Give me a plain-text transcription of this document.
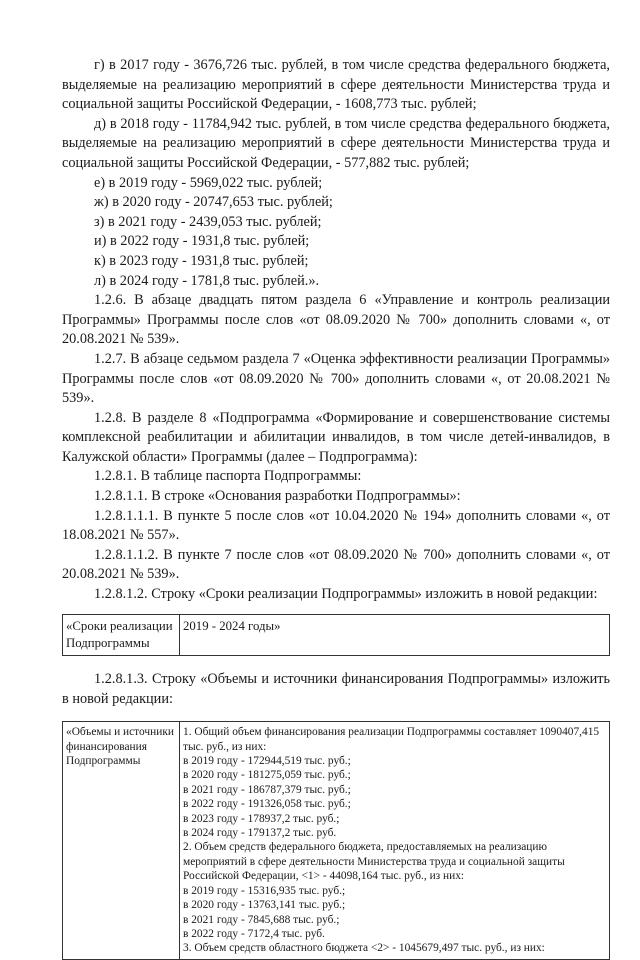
г) в 2017 году - 3676,726 тыс. рублей, в том числе средства федерального бюджета, выделяемые на реализацию мероприятий в сфере деятельности Министерства труда и социальной защиты Российской Федерации, - 1608,773 тыс. рублей;

д) в 2018 году - 11784,942 тыс. рублей, в том числе средства федерального бюджета, выделяемые на реализацию мероприятий в сфере деятельности Министерства труда и социальной защиты Российской Федерации, - 577,882 тыс. рублей;

е) в 2019 году - 5969,022 тыс. рублей;

ж) в 2020 году - 20747,653 тыс. рублей;

з) в 2021 году - 2439,053 тыс. рублей;

и) в 2022 году - 1931,8 тыс. рублей;

к) в 2023 году - 1931,8 тыс. рублей;

л) в 2024 году - 1781,8 тыс. рублей.».

1.2.6. В абзаце двадцать пятом раздела 6 «Управление и контроль реализации Программы» Программы после слов «от 08.09.2020 № 700» дополнить словами «, от 20.08.2021 № 539».

1.2.7. В абзаце седьмом раздела 7 «Оценка эффективности реализации Программы» Программы после слов «от 08.09.2020 № 700» дополнить словами «, от 20.08.2021 № 539».

1.2.8. В разделе 8 «Подпрограмма «Формирование и совершенствование системы комплексной реабилитации и абилитации инвалидов, в том числе детей-инвалидов, в Калужской области» Программы (далее – Подпрограмма):

1.2.8.1. В таблице паспорта Подпрограммы:

1.2.8.1.1. В строке «Основания разработки Подпрограммы»:

1.2.8.1.1.1. В пункте 5 после слов «от 10.04.2020 № 194» дополнить словами «, от 18.08.2021 № 557».

1.2.8.1.1.2. В пункте 7 после слов «от 08.09.2020 № 700» дополнить словами «, от 20.08.2021 № 539».

1.2.8.1.2. Строку «Сроки реализации Подпрограммы» изложить в новой редакции:

«Сроки реализации Подпрограммы	2019 - 2024 годы»

1.2.8.1.3. Строку «Объемы и источники финансирования Подпрограммы» изложить в новой редакции:

«Объемы и источники финансирования Подпрограммы	
1. Общий объем финансирования реализации Подпрограммы составляет 1090407,415 тыс. руб., из них:
в 2019 году - 172944,519 тыс. руб.;
в 2020 году - 181275,059 тыс. руб.;
в 2021 году - 186787,379 тыс. руб.;
в 2022 году - 191326,058 тыс. руб.;
в 2023 году - 178937,2 тыс. руб.;
в 2024 году - 179137,2 тыс. руб.
2. Объем средств федерального бюджета, предоставляемых на реализацию мероприятий в сфере деятельности Министерства труда и социальной защиты Российской Федерации, <1> - 44098,164 тыс. руб., из них:
в 2019 году - 15316,935 тыс. руб.;
в 2020 году - 13763,141 тыс. руб.;
в 2021 году - 7845,688 тыс. руб.;
в 2022 году - 7172,4 тыс. руб.
3. Объем средств областного бюджета <2> - 1045679,497 тыс. руб., из них:
